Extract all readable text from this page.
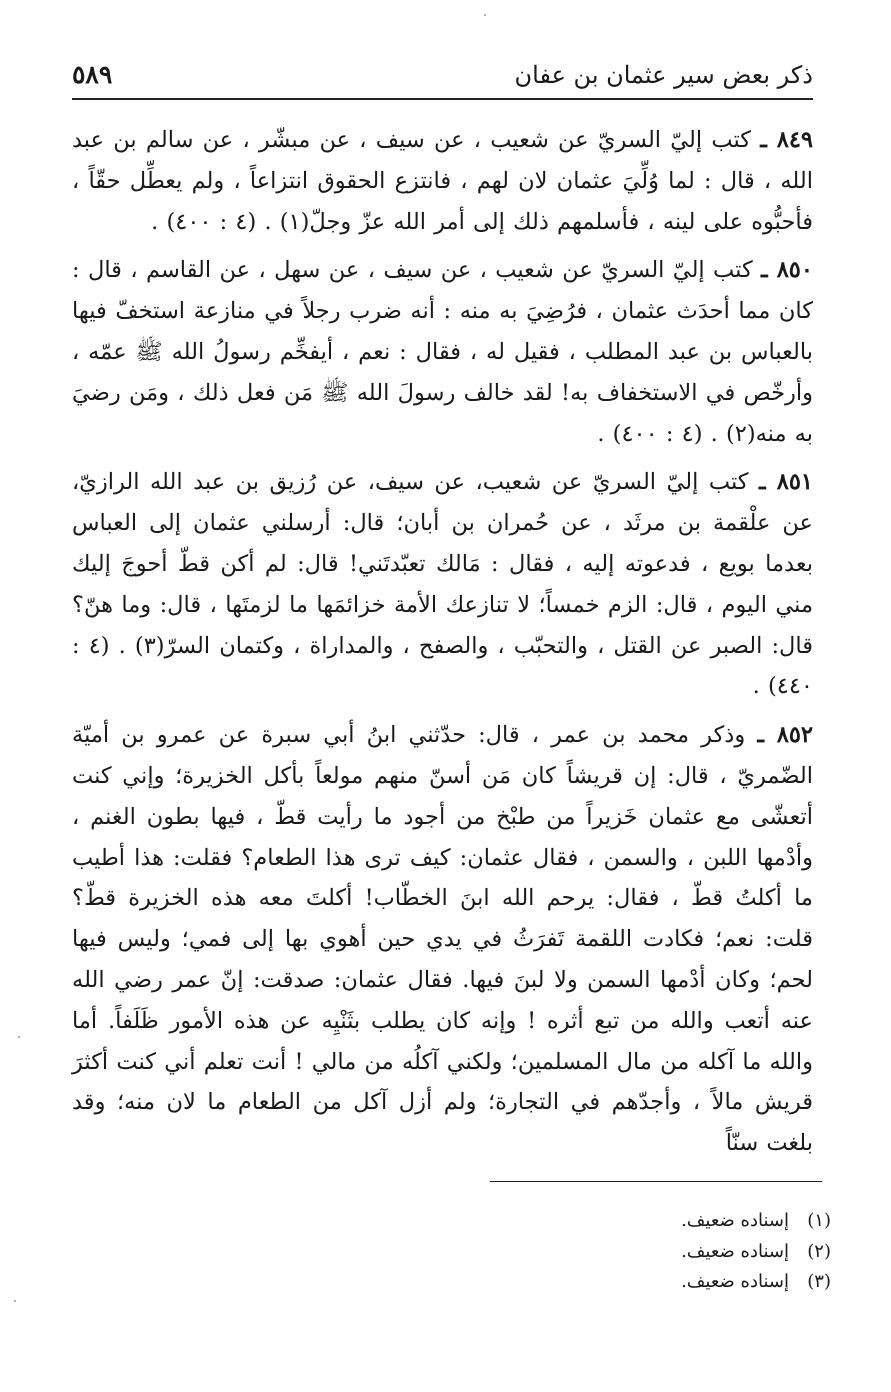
ذكر بعض سير عثمان بن عفان
٥٨٩

٨٤٩ ـ كتب إليّ السريّ عن شعيب ، عن سيف ، عن مبشّر ، عن سالم بن عبد الله ، قال : لما وُلِّيَ عثمان لان لهم ، فانتزع الحقوق انتزاعاً ، ولم يعطِّل حقّاً ، فأحبُّوه على لينه ، فأسلمهم ذلك إلى أمر الله عزّ وجلّ(١) . (٤ : ٤٠٠) .

٨٥٠ ـ كتب إليّ السريّ عن شعيب ، عن سيف ، عن سهل ، عن القاسم ، قال : كان مما أحدَث عثمان ، فرُضِيَ به منه : أنه ضرب رجلاً في منازعة استخفّ فيها بالعباس بن عبد المطلب ، فقيل له ، فقال : نعم ، أيفخِّم رسولُ الله ﷺ عمّه ، وأرخّص في الاستخفاف به! لقد خالف رسولَ الله ﷺ مَن فعل ذلك ، ومَن رضيَ به منه(٢) . (٤ : ٤٠٠) .

٨٥١ ـ كتب إليّ السريّ عن شعيب، عن سيف، عن رُزيق بن عبد الله الرازيّ، عن علْقمة بن مرثَد ، عن حُمران بن أبان؛ قال: أرسلني عثمان إلى العباس بعدما بويع ، فدعوته إليه ، فقال : مَالك تعبّدتَني! قال: لم أكن قطّ أحوجَ إليك مني اليوم ، قال: الزم خمساً؛ لا تنازعك الأمة خزائمَها ما لزمتَها ، قال: وما هنّ؟ قال: الصبر عن القتل ، والتحبّب ، والصفح ، والمداراة ، وكتمان السرّ(٣) . (٤ : ٤٤٠) .

٨٥٢ ـ وذكر محمد بن عمر ، قال: حدّثني ابنُ أبي سبرة عن عمرو بن أميّة الضّمريّ ، قال: إن قريشاً كان مَن أسنّ منهم مولعاً بأكل الخزيرة؛ وإني كنت أتعشّى مع عثمان خَزيراً من طبْخ من أجود ما رأيت قطّ ، فيها بطون الغنم ، وأدْمها اللبن ، والسمن ، فقال عثمان: كيف ترى هذا الطعام؟ فقلت: هذا أطيب ما أكلتُ قطّ ، فقال: يرحم الله ابنَ الخطّاب! أكلتَ معه هذه الخزيرة قطّ؟ قلت: نعم؛ فكادت اللقمة تَفرَثُ في يدي حين أهوي بها إلى فمي؛ وليس فيها لحم؛ وكان أدْمها السمن ولا لبنَ فيها. فقال عثمان: صدقت: إنّ عمر رضي الله عنه أتعب والله من تبع أثره ! وإنه كان يطلب بثَنْيِه عن هذه الأمور ظَلَفاً. أما والله ما آكله من مال المسلمين؛ ولكني آكلُه من مالي ! أنت تعلم أني كنت أكثرَ قريش مالاً ، وأجدّهم في التجارة؛ ولم أزل آكل من الطعام ما لان منه؛ وقد بلغت سنّاً

(١)إسناده ضعيف.
(٢)إسناده ضعيف.
(٣)إسناده ضعيف.
